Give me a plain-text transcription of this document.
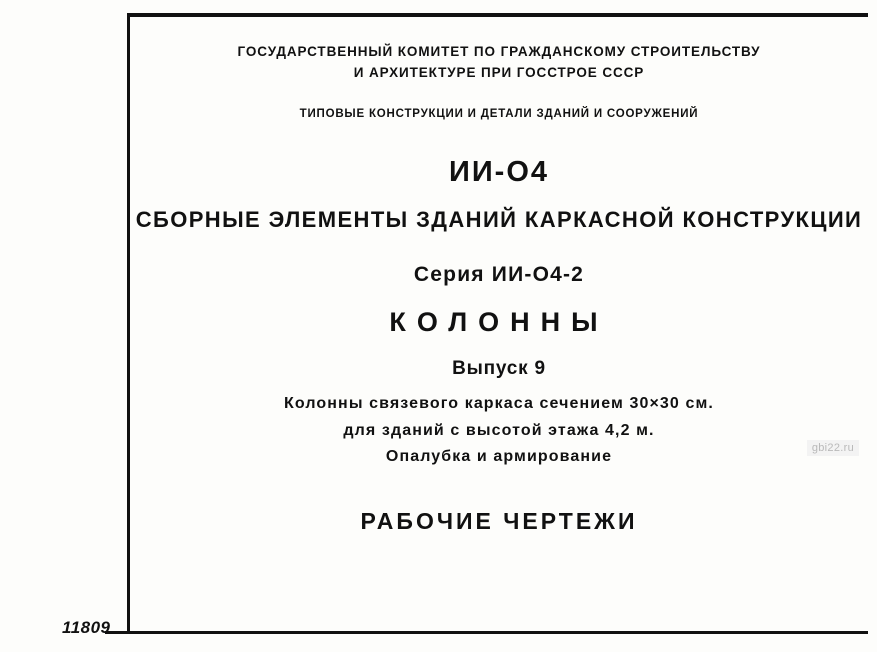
ГОСУДАРСТВЕННЫЙ КОМИТЕТ ПО ГРАЖДАНСКОМУ СТРОИТЕЛЬСТВУ
И АРХИТЕКТУРЕ ПРИ ГОССТРОЕ СССР
ТИПОВЫЕ КОНСТРУКЦИИ И ДЕТАЛИ ЗДАНИЙ И СООРУЖЕНИЙ
ИИ-О4
СБОРНЫЕ ЭЛЕМЕНТЫ ЗДАНИЙ КАРКАСНОЙ КОНСТРУКЦИИ
Серия ИИ-О4-2
КОЛОННЫ
Выпуск 9
Колонны связевого каркаса сечением 30×30 см.
для зданий с высотой этажа 4,2 м.
Опалубка и армирование
РАБОЧИЕ ЧЕРТЕЖИ
gbi22.ru
11809
